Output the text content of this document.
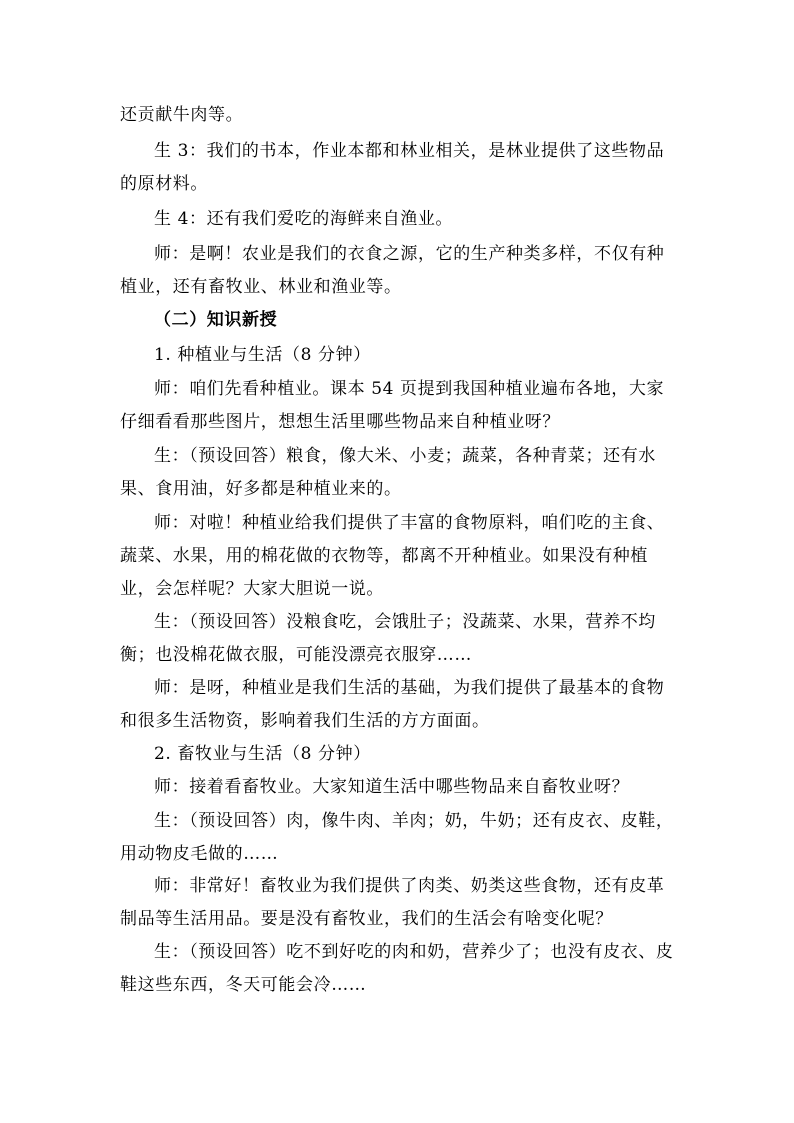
还贡献牛肉等。

生 3：我们的书本，作业本都和林业相关，是林业提供了这些物品的原材料。

生 4：还有我们爱吃的海鲜来自渔业。

师：是啊！农业是我们的衣食之源，它的生产种类多样，不仅有种植业，还有畜牧业、林业和渔业等。

（二）知识新授

1. 种植业与生活（8 分钟）

师：咱们先看种植业。课本 54 页提到我国种植业遍布各地，大家仔细看看那些图片，想想生活里哪些物品来自种植业呀？

生：（预设回答）粮食，像大米、小麦；蔬菜，各种青菜；还有水果、食用油，好多都是种植业来的。

师：对啦！种植业给我们提供了丰富的食物原料，咱们吃的主食、蔬菜、水果，用的棉花做的衣物等，都离不开种植业。如果没有种植业，会怎样呢？大家大胆说一说。

生：（预设回答）没粮食吃，会饿肚子；没蔬菜、水果，营养不均衡；也没棉花做衣服，可能没漂亮衣服穿……

师：是呀，种植业是我们生活的基础，为我们提供了最基本的食物和很多生活物资，影响着我们生活的方方面面。

2. 畜牧业与生活（8 分钟）

师：接着看畜牧业。大家知道生活中哪些物品来自畜牧业呀？

生：（预设回答）肉，像牛肉、羊肉；奶，牛奶；还有皮衣、皮鞋，用动物皮毛做的……

师：非常好！畜牧业为我们提供了肉类、奶类这些食物，还有皮革制品等生活用品。要是没有畜牧业，我们的生活会有啥变化呢？

生：（预设回答）吃不到好吃的肉和奶，营养少了；也没有皮衣、皮鞋这些东西，冬天可能会冷……
